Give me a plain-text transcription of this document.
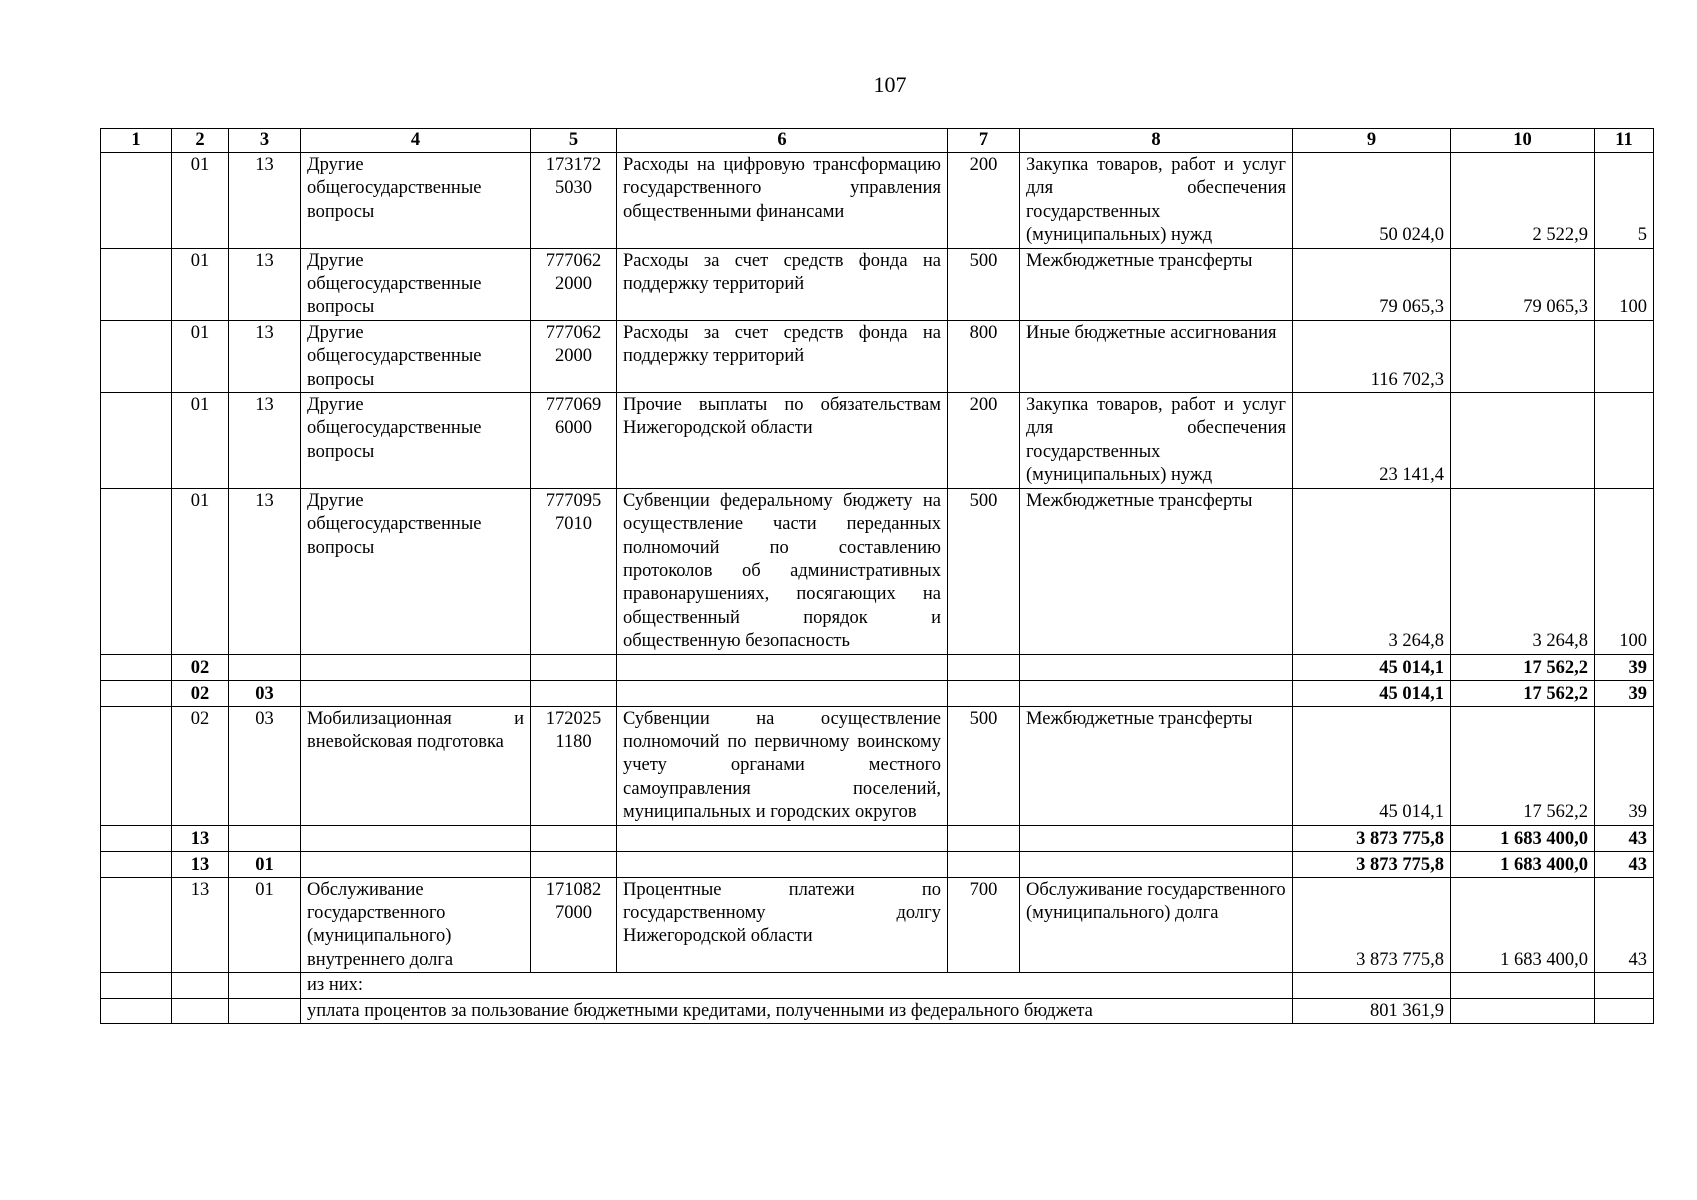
107
1	2	3	4	5	6	7	8	9	10	11
	01	13	Другие общегосударственные вопросы	173172 5030	Расходы на цифровую трансформацию государственного управления общественными финансами	200	Закупка товаров, работ и услуг для обеспечения государственных (муниципальных) нужд	50 024,0	2 522,9	5
	01	13	Другие общегосударственные вопросы	777062 2000	Расходы за счет средств фонда на поддержку территорий	500	Межбюджетные трансферты	79 065,3	79 065,3	100
	01	13	Другие общегосударственные вопросы	777062 2000	Расходы за счет средств фонда на поддержку территорий	800	Иные бюджетные ассигнования	116 702,3		
	01	13	Другие общегосударственные вопросы	777069 6000	Прочие выплаты по обязательствам Нижегородской области	200	Закупка товаров, работ и услуг для обеспечения государственных (муниципальных) нужд	23 141,4		
	01	13	Другие общегосударственные вопросы	777095 7010	Субвенции федеральному бюджету на осуществление части переданных полномочий по составлению протоколов об административных правонарушениях, посягающих на общественный порядок и общественную безопасность	500	Межбюджетные трансферты	3 264,8	3 264,8	100
	02							45 014,1	17 562,2	39
	02	03						45 014,1	17 562,2	39
	02	03	Мобилизационная и вневойсковая подготовка	172025 1180	Субвенции на осуществление полномочий по первичному воинскому учету органами местного самоуправления поселений, муниципальных и городских округов	500	Межбюджетные трансферты	45 014,1	17 562,2	39
	13							3 873 775,8	1 683 400,0	43
	13	01						3 873 775,8	1 683 400,0	43
	13	01	Обслуживание государственного (муниципального) внутреннего долга	171082 7000	Процентные платежи по государственному долгу Нижегородской области	700	Обслуживание государственного (муниципального) долга	3 873 775,8	1 683 400,0	43
			из них:							
			уплата процентов за пользование бюджетными кредитами, полученными из федерального бюджета					801 361,9		
